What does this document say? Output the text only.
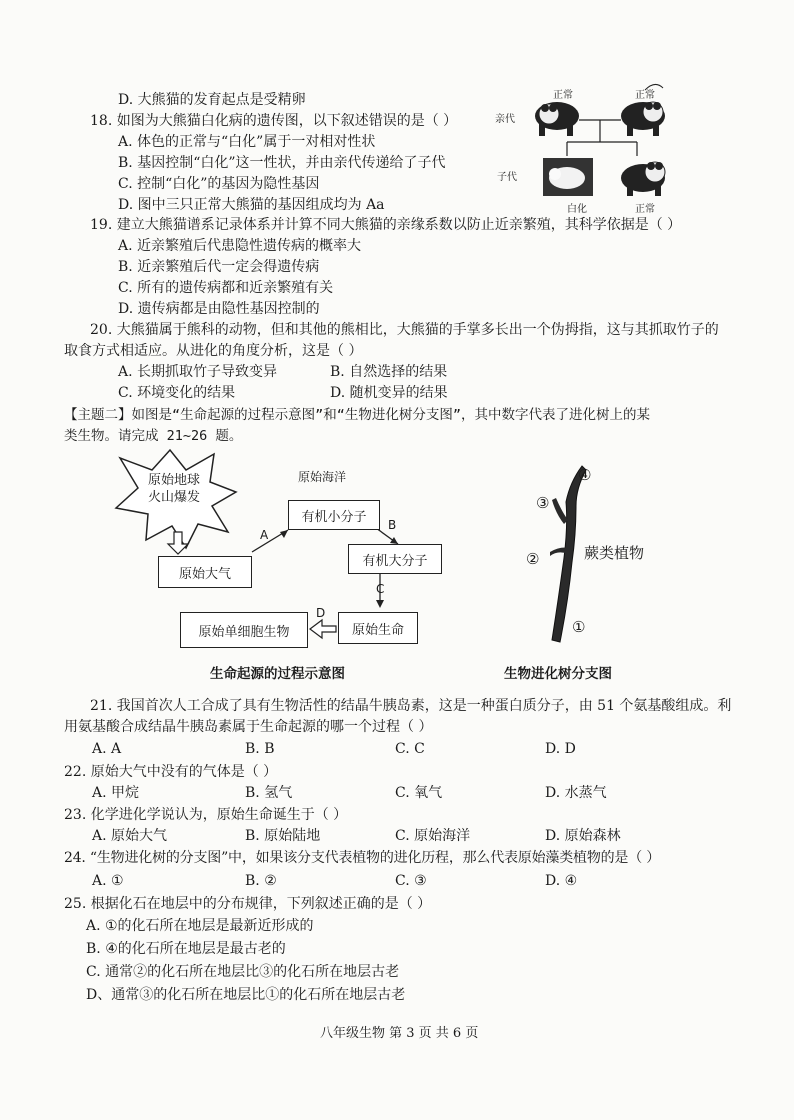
D. 大熊猫的发育起点是受精卵
18. 如图为大熊猫白化病的遗传图，以下叙述错误的是（ ）
A. 体色的正常与“白化”属于一对相对性状
B. 基因控制“白化”这一性状，并由亲代传递给了子代
C. 控制“白化”的基因为隐性基因
D. 图中三只正常大熊猫的基因组成均为 Aa
亲代
子代
正常	正常
白化	正常
19. 建立大熊猫谱系记录体系并计算不同大熊猫的亲缘系数以防止近亲繁殖，其科学依据是（ ）
A. 近亲繁殖后代患隐性遗传病的概率大
B. 近亲繁殖后代一定会得遗传病
C. 所有的遗传病都和近亲繁殖有关
D. 遗传病都是由隐性基因控制的
20. 大熊猫属于熊科的动物，但和其他的熊相比，大熊猫的手掌多长出一个伪拇指，这与其抓取竹子的
取食方式相适应。从进化的角度分析，这是（ ）
A. 长期抓取竹子导致变异	B. 自然选择的结果
C. 环境变化的结果	D. 随机变异的结果
【主题二】如图是“生命起源的过程示意图”和“生物进化树分支图”，其中数字代表了进化树上的某
类生物。请完成 21~26 题。
原始地球
火山爆发
原始海洋
原始大气
有机小分子
有机大分子
原始生命
原始单细胞生物
A
B
C
D
生命起源的过程示意图
④
③
②
①
蕨类植物
生物进化树分支图
21. 我国首次人工合成了具有生物活性的结晶牛胰岛素，这是一种蛋白质分子，由 51 个氨基酸组成。利
用氨基酸合成结晶牛胰岛素属于生命起源的哪一个过程（ ）
A. A	B. B	C. C	D. D
22. 原始大气中没有的气体是（ ）
A. 甲烷	B. 氢气	C. 氧气	D. 水蒸气
23. 化学进化学说认为，原始生命诞生于（ ）
A. 原始大气	B. 原始陆地	C. 原始海洋	D. 原始森林
24. “生物进化树的分支图”中，如果该分支代表植物的进化历程，那么代表原始藻类植物的是（ ）
A. ①	B. ②	C. ③	D. ④
25. 根据化石在地层中的分布规律，下列叙述正确的是（ ）
A. ①的化石所在地层是最新近形成的
B. ④的化石所在地层是最古老的
C. 通常②的化石所在地层比③的化石所在地层古老
D、通常③的化石所在地层比①的化石所在地层古老
八年级生物 第 3 页 共 6 页
